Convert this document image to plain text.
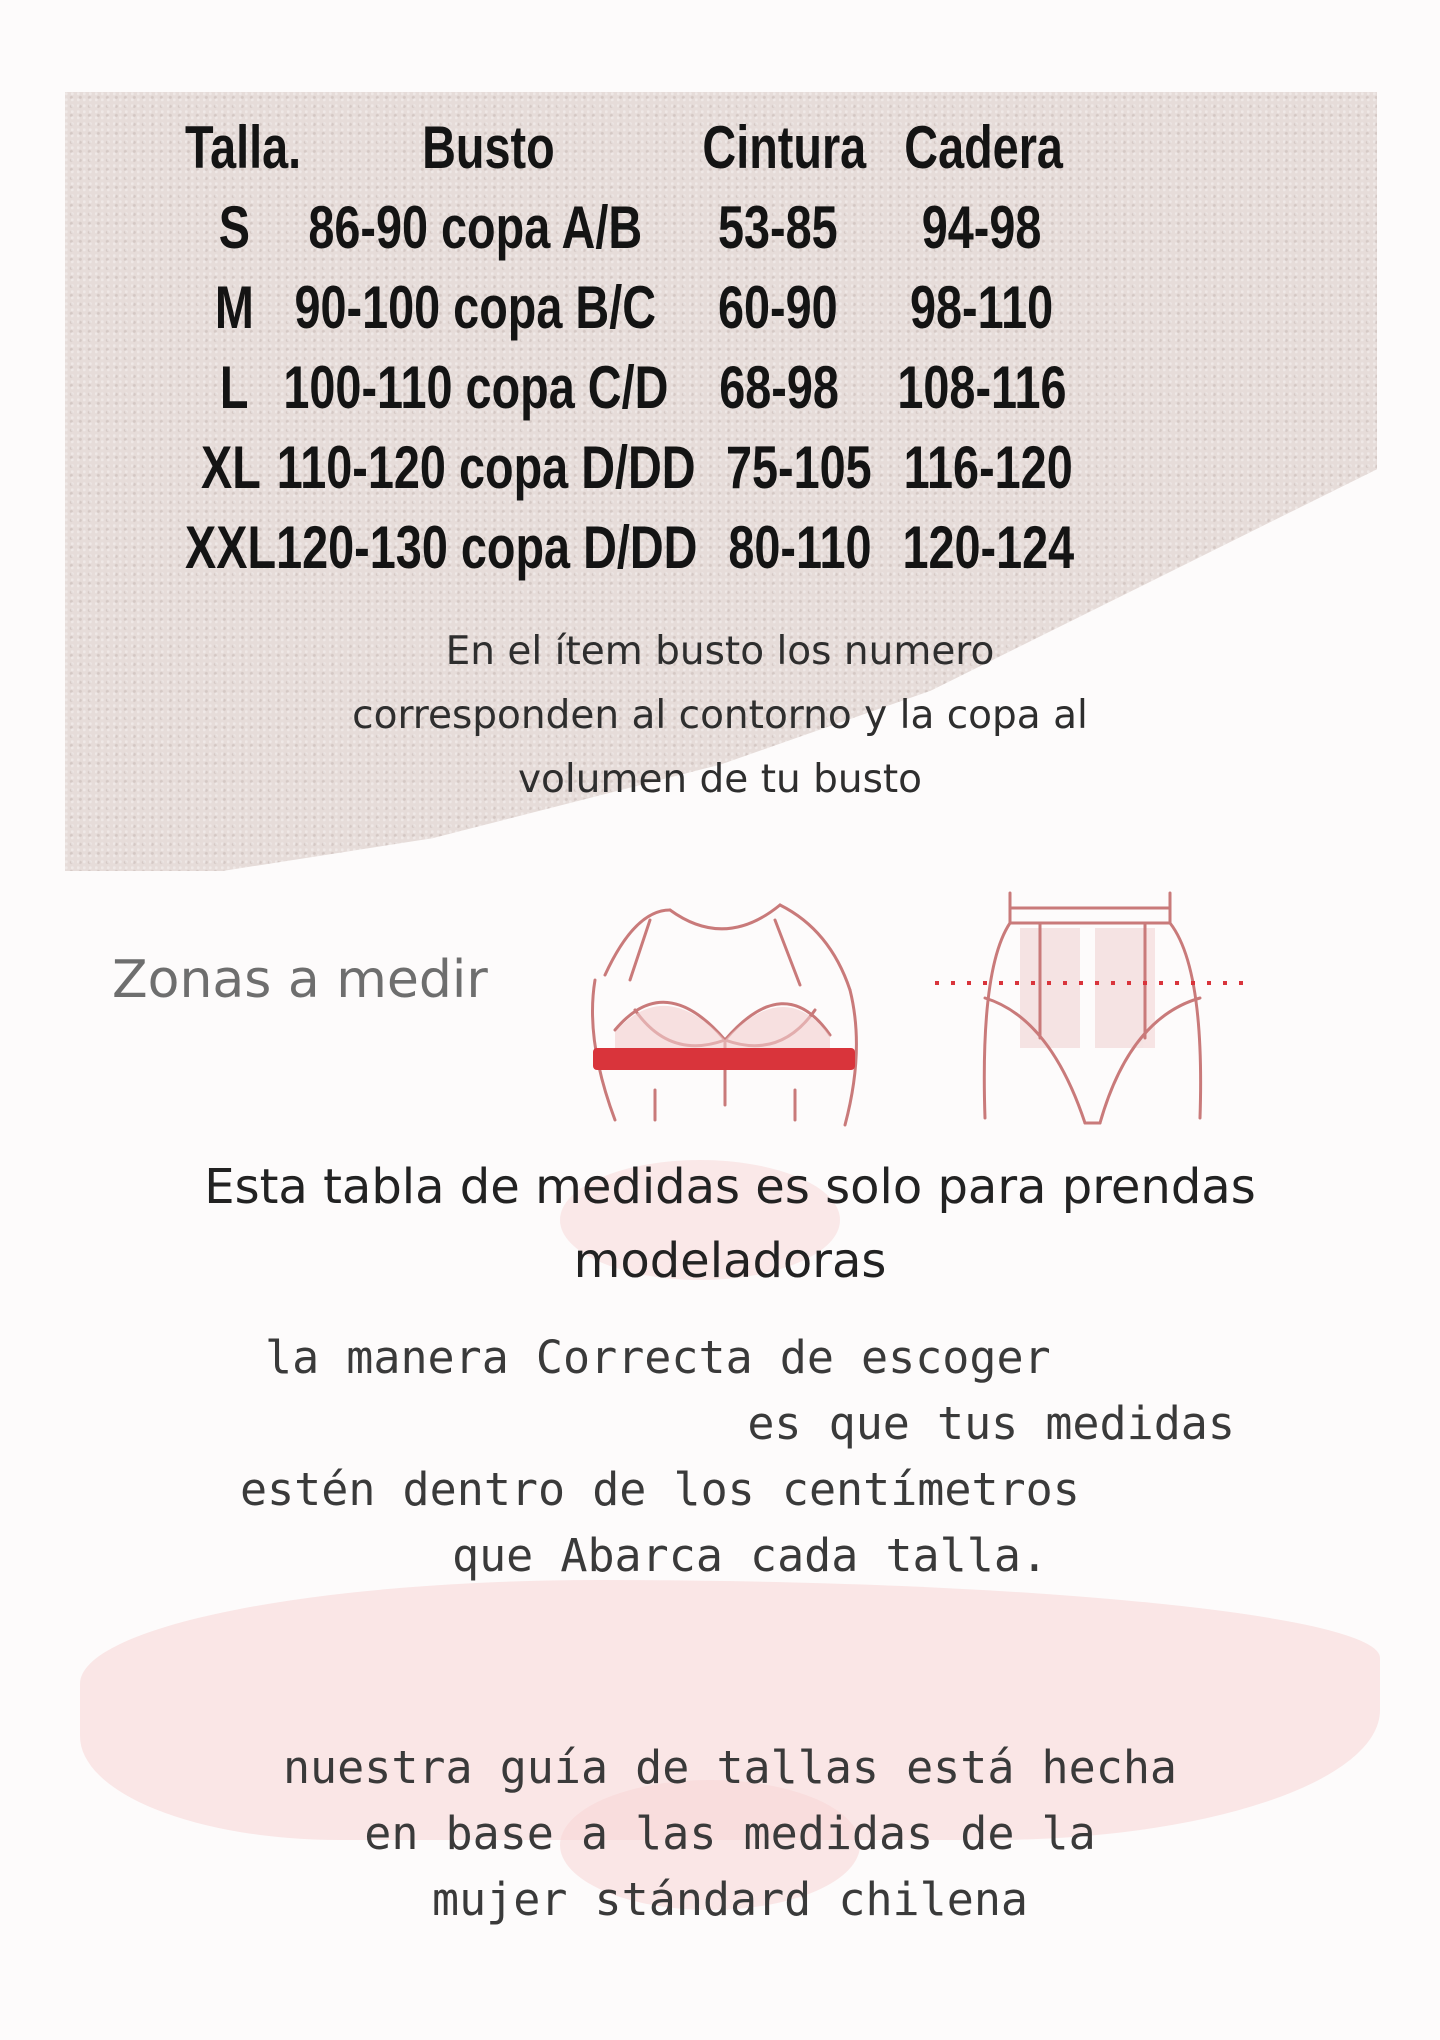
Talla.	Busto	Cintura Cadera
S 86-90 copa A/B	53-85	94-98
M 90-100 copa B/C	60-90	98-110
L 100-110 copa C/D 68-98 108-116
XL 110-120 copa D/DD 75-105 116-120
XXL 120-130 copa D/DD 80-110 120-124
En el ítem busto los numero
corresponden al contorno y la copa al
volumen de tu busto
Zonas a medir
Esta tabla de medidas es solo para prendas
modeladoras
la manera Correcta de escoger
es que tus medidas
estén dentro de los centímetros
que Abarca cada talla.
nuestra guía de tallas está hecha
en base a las medidas de la
mujer stándard chilena
